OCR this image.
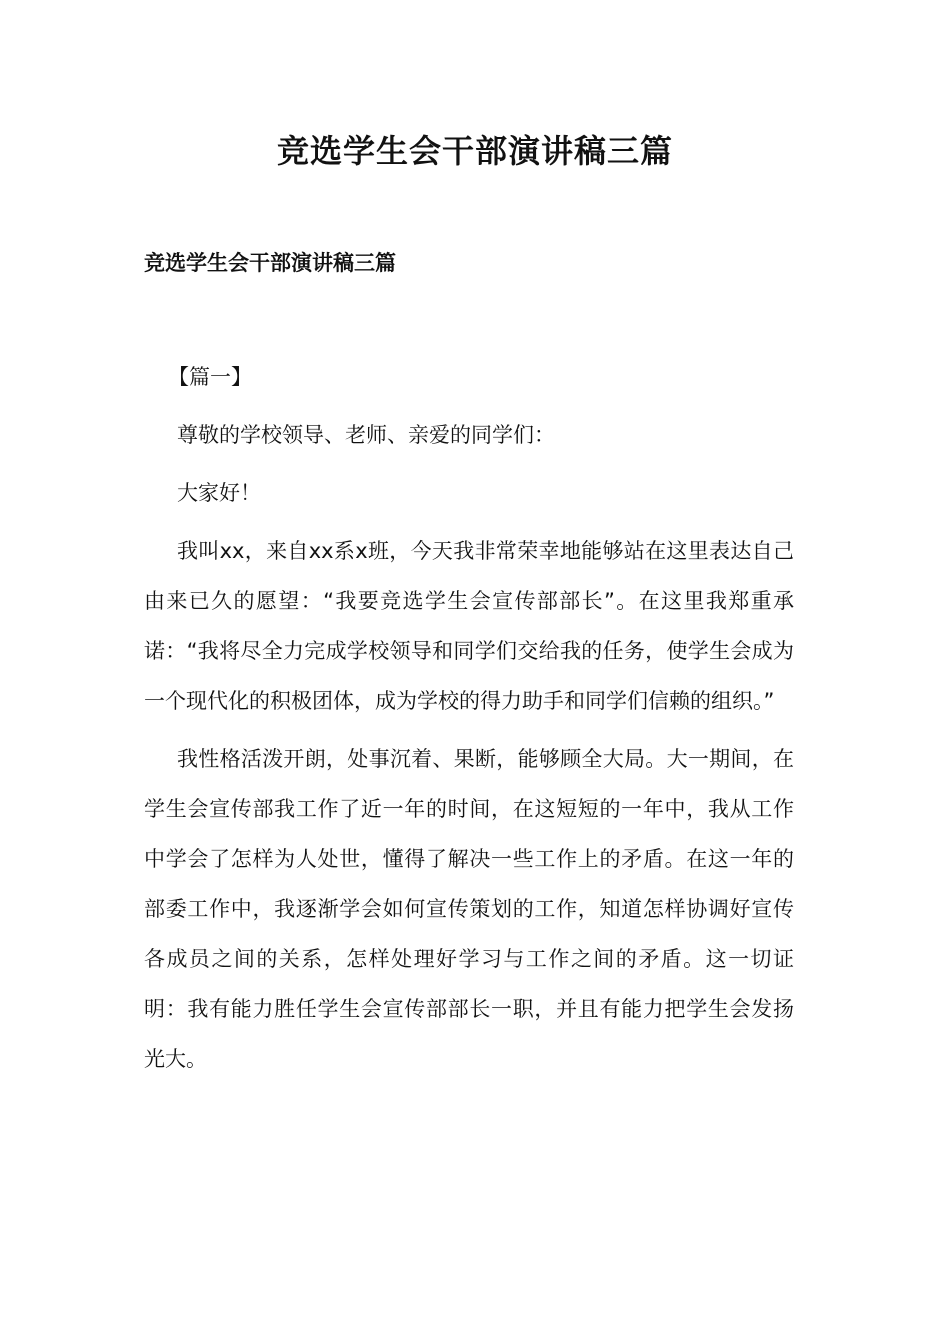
竞选学生会干部演讲稿三篇
竞选学生会干部演讲稿三篇

【篇一】

尊敬的学校领导、老师、亲爱的同学们：

大家好！

我叫xx，来自xx系x班，今天我非常荣幸地能够站在这里表达自己由来已久的愿望：“我要竞选学生会宣传部部长”。在这里我郑重承诺：“我将尽全力完成学校领导和同学们交给我的任务，使学生会成为一个现代化的积极团体，成为学校的得力助手和同学们信赖的组织。”

我性格活泼开朗，处事沉着、果断，能够顾全大局。大一期间，在学生会宣传部我工作了近一年的时间，在这短短的一年中，我从工作中学会了怎样为人处世，懂得了解决一些工作上的矛盾。在这一年的部委工作中，我逐渐学会如何宣传策划的工作，知道怎样协调好宣传各成员之间的关系，怎样处理好学习与工作之间的矛盾。这一切证明：我有能力胜任学生会宣传部部长一职，并且有能力把学生会发扬光大。
